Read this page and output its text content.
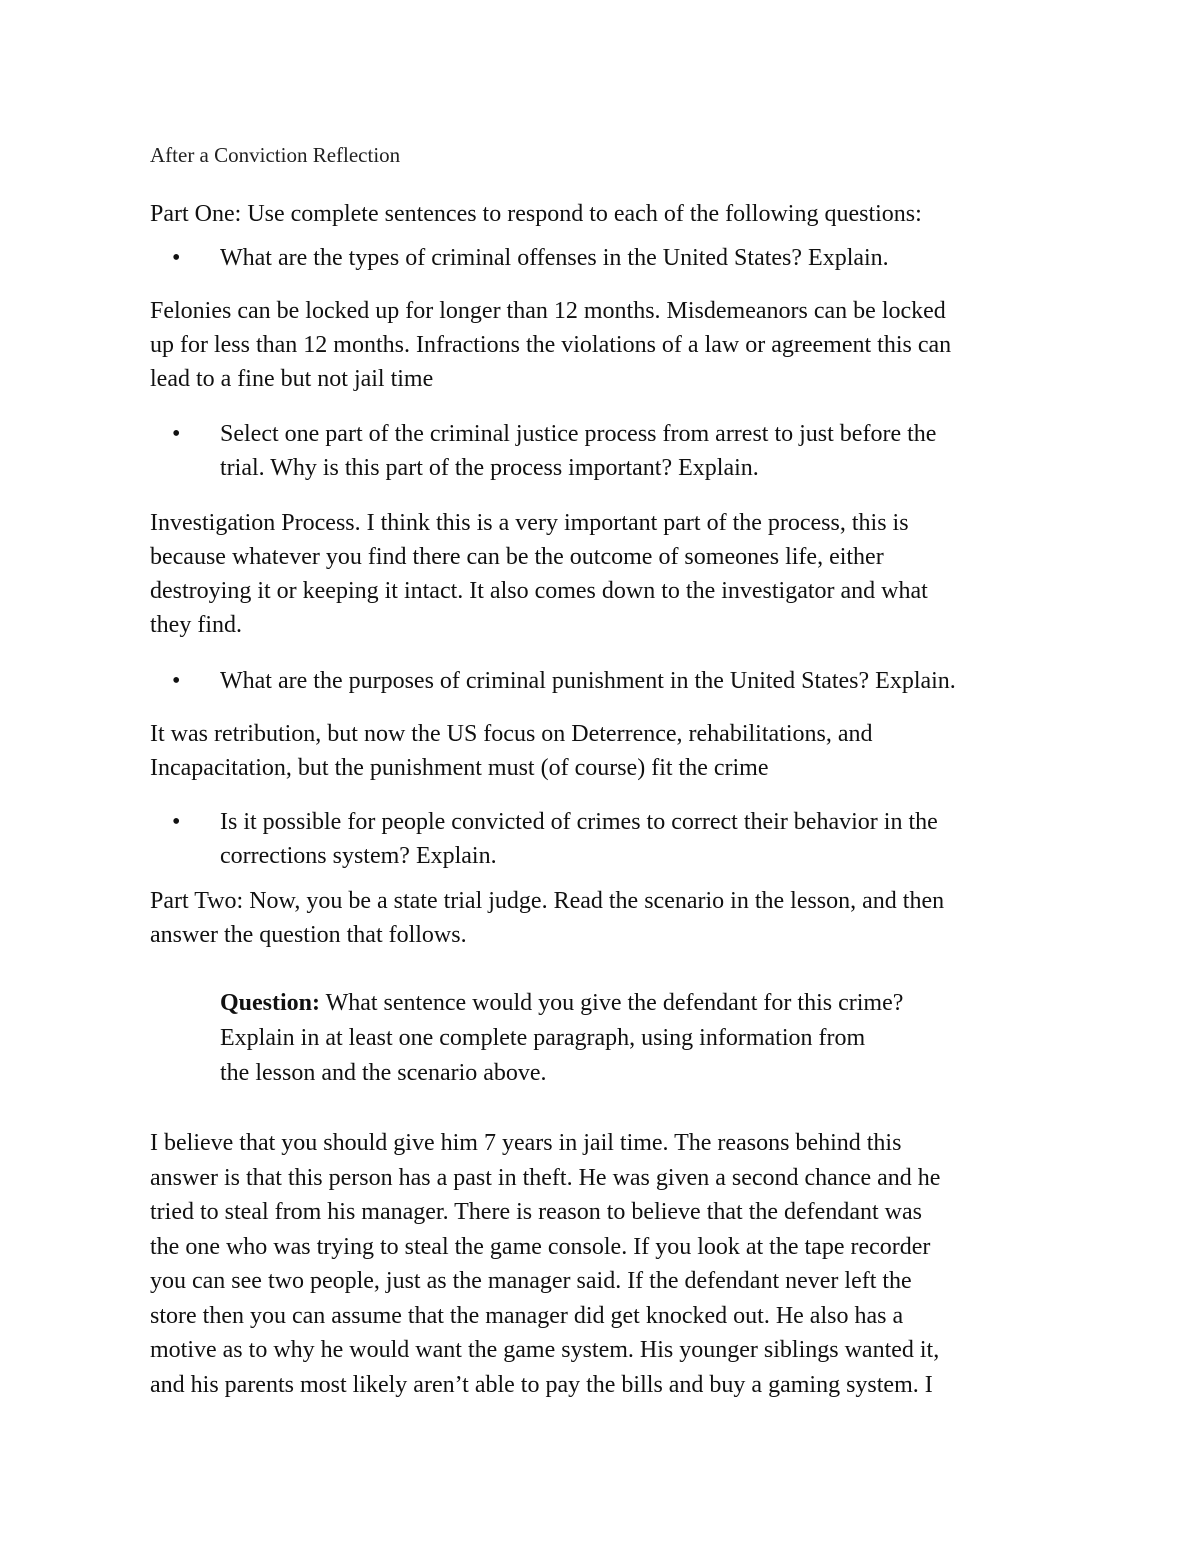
After a Conviction Reflection

Part One: Use complete sentences to respond to each of the following questions:

• What are the types of criminal offenses in the United States? Explain.
Felonies can be locked up for longer than 12 months. Misdemeanors can be locked
up for less than 12 months. Infractions the violations of a law or agreement this can
lead to a fine but not jail time
• Select one part of the criminal justice process from arrest to just before the
trial. Why is this part of the process important? Explain.
Investigation Process. I think this is a very important part of the process, this is
because whatever you find there can be the outcome of someones life, either
destroying it or keeping it intact. It also comes down to the investigator and what
they find.
• What are the purposes of criminal punishment in the United States? Explain.
It was retribution, but now the US focus on Deterrence, rehabilitations, and
Incapacitation, but the punishment must (of course) fit the crime
• Is it possible for people convicted of crimes to correct their behavior in the
corrections system? Explain.
Part Two: Now, you be a state trial judge. Read the scenario in the lesson, and then
answer the question that follows.
Question: What sentence would you give the defendant for this crime?
Explain in at least one complete paragraph, using information from
the lesson and the scenario above.
I believe that you should give him 7 years in jail time. The reasons behind this
answer is that this person has a past in theft. He was given a second chance and he
tried to steal from his manager. There is reason to believe that the defendant was
the one who was trying to steal the game console. If you look at the tape recorder
you can see two people, just as the manager said. If the defendant never left the
store then you can assume that the manager did get knocked out. He also has a
motive as to why he would want the game system. His younger siblings wanted it,
and his parents most likely aren’t able to pay the bills and buy a gaming system. I
